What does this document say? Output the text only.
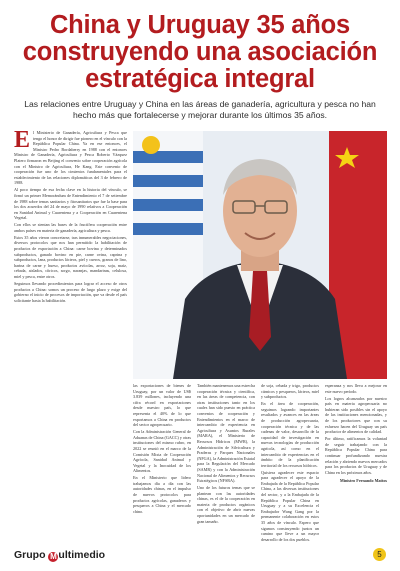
China y Uruguay 35 años construyendo una asociación estratégica integral
Las relaciones entre Uruguay y China en las áreas de ganadería, agricultura y pesca no han hecho más que fortalecerse y mejorar durante los últimos 35 años.
E l Ministerio de Ganadería, Agricultura y Pesca que tengo el honor de dirigir fue pionero en el vínculo con la República Popular China. Ya en ese entonces, el Ministro Pedro Bordaberry en 1988 con el entonces Ministro de Ganadería, Agricultura y Pesca Roberto Vázquez Platero firmaron en Beijing el convenio sobre cooperación agrícola con el Ministro de Agricultura, He Kang. Este convenio de cooperación fue uno de los cimientos fundamentales para el establecimiento de las relaciones diplomáticas del 3 de febrero de 1988.

Al poco tiempo de esa fecha clave en la historia del vínculo, se firmó un primer Memorándum de Entendimiento el 7 de setiembre de 1988 sobre temas sanitarios y fitosanitarios que fue la base para los dos acuerdos del 24 de mayo de 1990 relativos a Cooperación en Sanidad Animal y Cuarentena y a Cooperación en Cuarentena Vegetal.

Con ellos se sientan las bases de la fructífera cooperación entre ambos países en materia de ganadería, agricultura y pesca.

Estos 35 años vieron concretarse, tras innumerables negociaciones, diversos protocolos que nos han permitido la habilitación de productos de exportación a China: carne bovina y determinados subproductos, ganado bovino en pie, carne ovina, caprina y subproductos, lana, productos lácteos, piel y cueros, granos de lino, harina de carne y hueso, productos avícolas, arroz, soja, maíz, cebada, aislados, cítricos, sorgo, naranjas, mandarinas, celulosa, miel y pesca, entre otros.

Seguimos llevando procedimientos para lograr el acceso de otros productos a China: somos un proceso de largo plazo y exige del gobierno el inicio de procesos de importación, que va desde el país solicitante hasta la habilitación.

las exportaciones de bienes de Uruguay, por un valor de US$ 3.839 millones, incluyendo una cifra récord en exportaciones desde nuestro país, lo que representa el 40% de lo que exportamos a China en productos del sector agropecuario.

Con la Administración General de Aduanas de China (GACC) y otras instituciones del mismo rubro, en 2022 se reunió en el marco de la Comisión Mixta de Cooperación Agrícola, Sanidad Animal y Vegetal y la Inocuidad de los Alimentos.

En el Ministerio que lidero trabajamos día a día con las autoridades chinas, en el impulso de nuevos protocolos para productos agrícolas, ganaderos y pesqueros a China y el mercado chino.

También mantenemos una estrecha cooperación técnica y científica, en las áreas de competencia, con otras instituciones tanto en los cuales han sido puesto en práctica convenios de cooperación y Entendimientos en el marco de intercambio de experiencia en Agricultura y Asuntos Rurales (MARA), el Ministerio de Recursos Hídricos (MWR), la Administración de Silvicultura y Praderas y Parques Nacionales (NFGA), la Administración Estatal para la Regulación del Mercado (SAMR) y con la Administración Nacional de Alimentos y Recursos Estratégicos (NFSRA).

Uno de los futuros temas que se plantean con las autoridades chinas, es el de la cooperación en materia de productos orgánicos con el objetivo de abrir nuevas oportunidades en un mercado de gran tamaño.

de soja, cebada y trigo, productos cárnicos y pesqueros, lácteos, miel y subproductos.

En el área de cooperación, seguimos logrando importantes resultados y avances en las áreas de producción agropecuaria, cooperación técnica y de las cadenas de valor, desarrollo de la capacidad de investigación en nuevas tecnologías de producción agrícola, así como en el intercambio de experiencias en el ámbito de la planificación territorial de los recursos hídricos.

Quisiera agradecer este espacio para agradecer el apoyo de la Embajada de la República Popular China, a las diversas instituciones del sector, y a la Embajada de la República Popular China en Uruguay y a su Excelencia el Embajador Wang Gang por la permanente colaboración en estos 35 años de vínculo. Espero que sigamos construyendo juntos un camino que lleve a un mayor desarrollo de los dos pueblos.

esperanza y nos lleva a mejorar en este nuevo período.

Los logros alcanzados por nuestro país en materia agropecuaria no hubieran sido posibles sin el apoyo de las instituciones mencionadas, y de los productores que con su esfuerzo hacen del Uruguay un país productor de alimentos de calidad.

Por último, ratificamos la voluntad de seguir trabajando con la República Popular China para continuar profundizando nuestra relación y abriendo nuevos mercados para los productos de Uruguay y de China en los próximos años.

Ministro Fernando Mattos
Grupo M ultimedio	5
